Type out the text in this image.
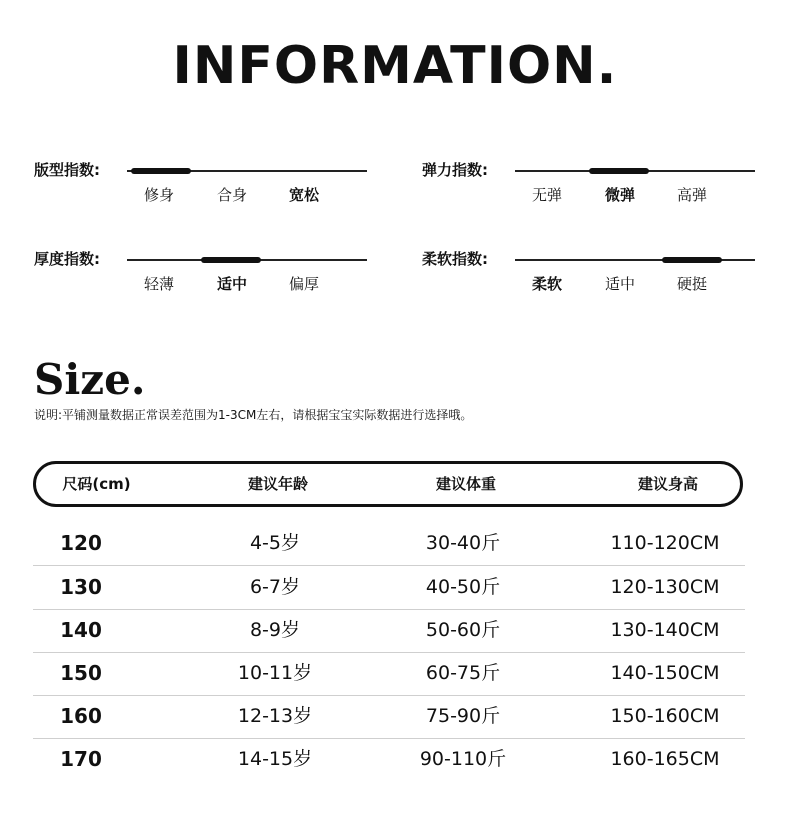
INFORMATION.
版型指数:
修身	合身	宽松
弹力指数:
无弹	微弹	高弹
厚度指数:
轻薄	适中	偏厚
柔软指数:
柔软	适中	硬挺
Size.
说明:平铺测量数据正常误差范围为1-3CM左右，请根据宝宝实际数据进行选择哦。
尺码(cm)	建议年龄	建议体重	建议身高
120	4-5岁	30-40斤	110-120CM
130	6-7岁	40-50斤	120-130CM
140	8-9岁	50-60斤	130-140CM
150	10-11岁	60-75斤	140-150CM
160	12-13岁	75-90斤	150-160CM
170	14-15岁	90-110斤	160-165CM
